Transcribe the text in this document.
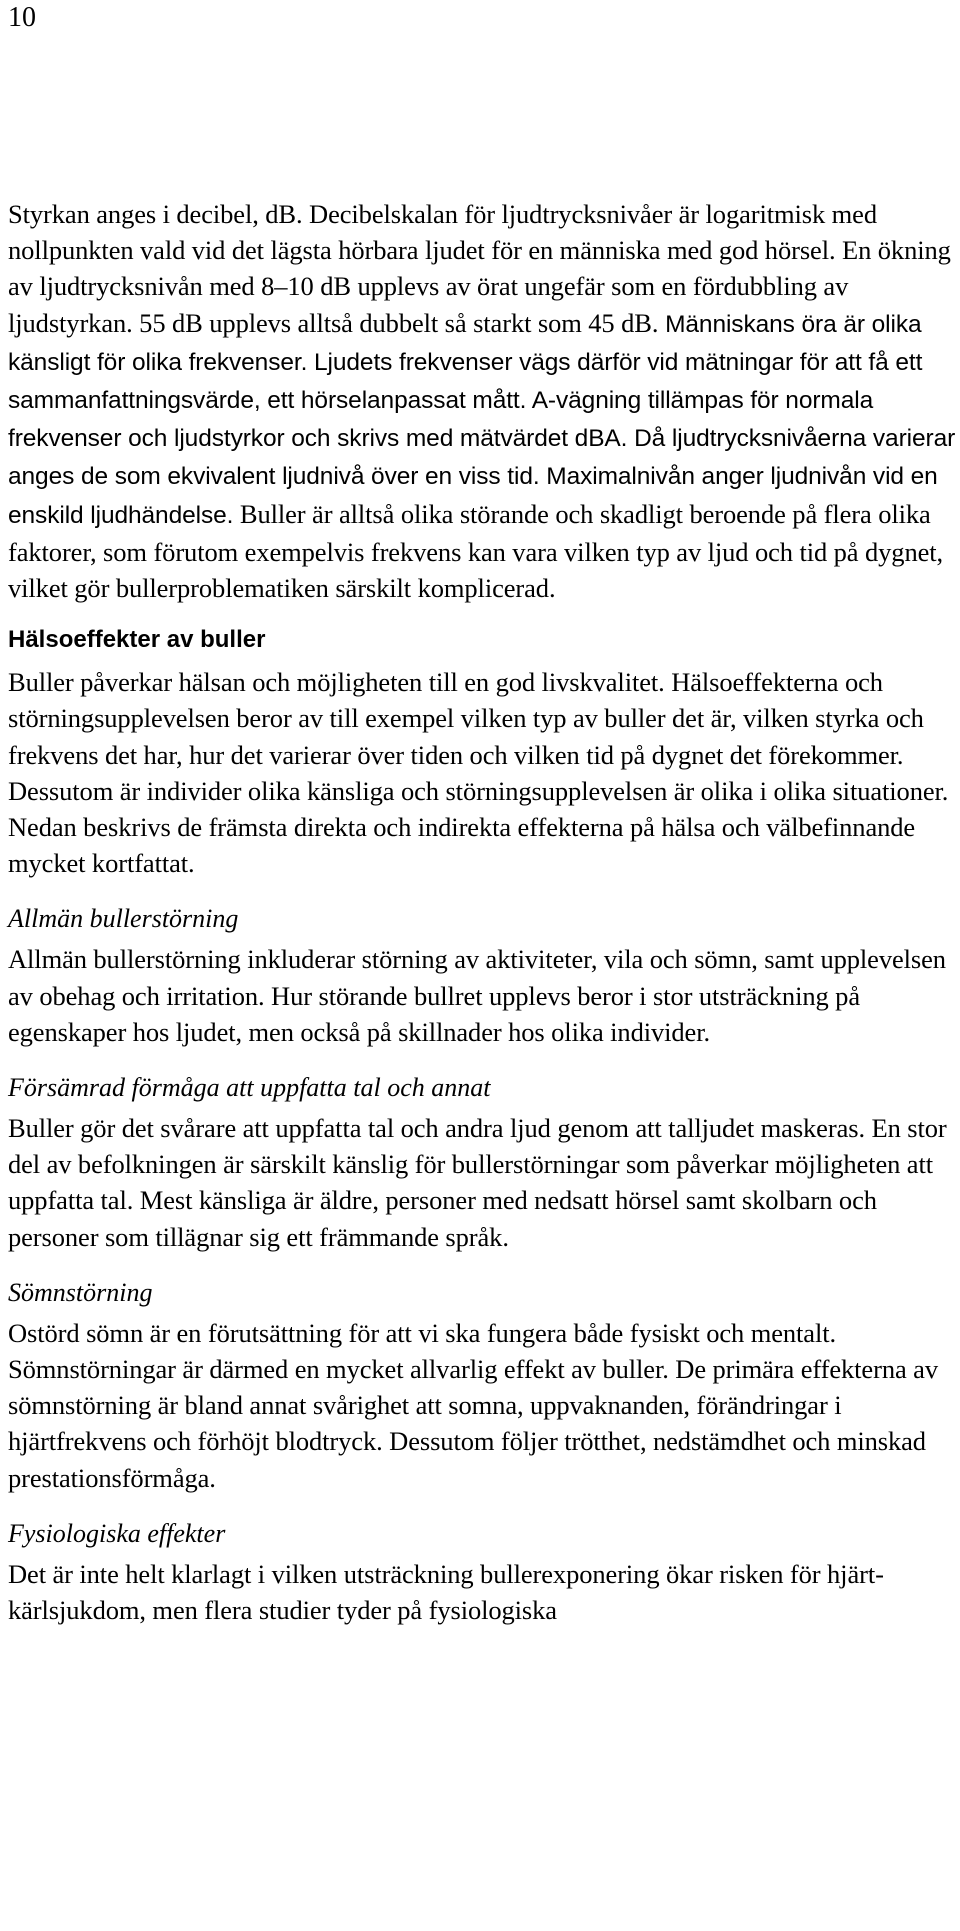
10

Styrkan anges i decibel, dB. Decibelskalan för ljudtrycksnivåer är logaritmisk med nollpunkten vald vid det lägsta hörbara ljudet för en människa med god hörsel. En ökning av ljudtrycksnivån med 8–10 dB upplevs av örat ungefär som en fördubbling av ljudstyrkan. 55 dB upplevs alltså dubbelt så starkt som 45 dB. Människans öra är olika känsligt för olika frekvenser. Ljudets frekvenser vägs därför vid mätningar för att få ett sammanfattningsvärde, ett hörselanpassat mått. A-vägning tillämpas för normala frekvenser och ljudstyrkor och skrivs med mätvärdet dBA. Då ljudtrycksnivåerna varierar anges de som ekvivalent ljudnivå över en viss tid. Maximalnivån anger ljudnivån vid en enskild ljudhändelse. Buller är alltså olika störande och skadligt beroende på flera olika faktorer, som förutom exempelvis frekvens kan vara vilken typ av ljud och tid på dygnet, vilket gör bullerproblematiken särskilt komplicerad.

Hälsoeffekter av buller

Buller påverkar hälsan och möjligheten till en god livskvalitet. Hälsoeffekterna och störningsupplevelsen beror av till exempel vilken typ av buller det är, vilken styrka och frekvens det har, hur det varierar över tiden och vilken tid på dygnet det förekommer. Dessutom är individer olika känsliga och störningsupplevelsen är olika i olika situationer. Nedan beskrivs de främsta direkta och indirekta effekterna på hälsa och välbefinnande mycket kortfattat.

Allmän bullerstörning

Allmän bullerstörning inkluderar störning av aktiviteter, vila och sömn, samt upplevelsen av obehag och irritation. Hur störande bullret upplevs beror i stor utsträckning på egenskaper hos ljudet, men också på skillnader hos olika individer.

Försämrad förmåga att uppfatta tal och annat

Buller gör det svårare att uppfatta tal och andra ljud genom att talljudet maskeras. En stor del av befolkningen är särskilt känslig för bullerstörningar som påverkar möjligheten att uppfatta tal. Mest känsliga är äldre, personer med nedsatt hörsel samt skolbarn och personer som tillägnar sig ett främmande språk.

Sömnstörning

Ostörd sömn är en förutsättning för att vi ska fungera både fysiskt och mentalt. Sömnstörningar är därmed en mycket allvarlig effekt av buller. De primära effekterna av sömnstörning är bland annat svårighet att somna, uppvaknanden, förändringar i hjärtfrekvens och förhöjt blodtryck. Dessutom följer trötthet, nedstämdhet och minskad prestationsförmåga.

Fysiologiska effekter

Det är inte helt klarlagt i vilken utsträckning bullerexponering ökar risken för hjärt-kärlsjukdom, men flera studier tyder på fysiologiska
